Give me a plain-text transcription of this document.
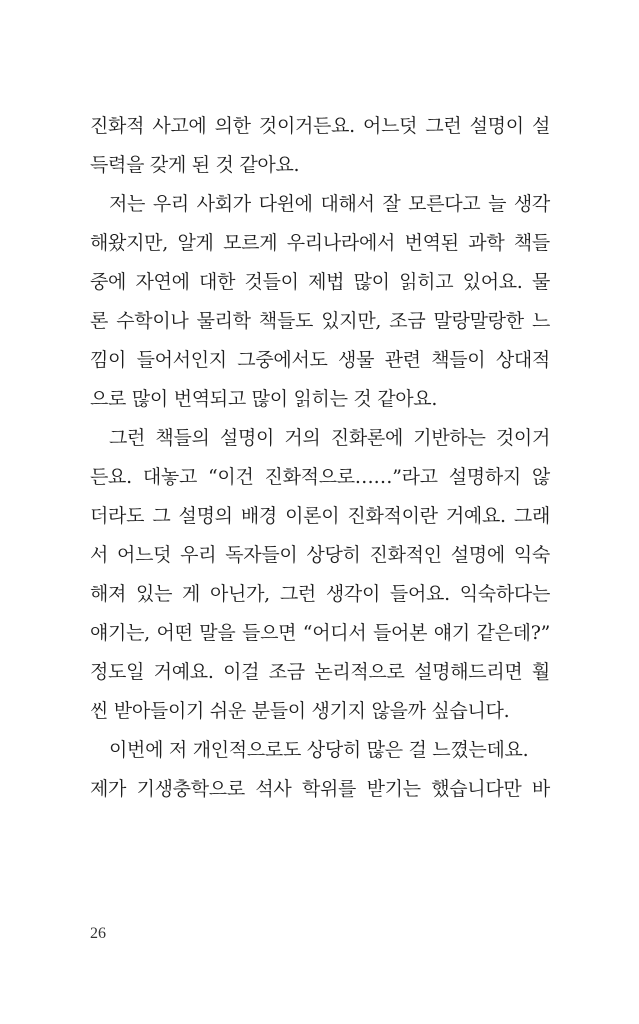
진화적 사고에 의한 것이거든요. 어느덧 그런 설명이 설
득력을 갖게 된 것 같아요.
저는 우리 사회가 다윈에 대해서 잘 모른다고 늘 생각
해왔지만, 알게 모르게 우리나라에서 번역된 과학 책들
중에 자연에 대한 것들이 제법 많이 읽히고 있어요. 물
론 수학이나 물리학 책들도 있지만, 조금 말랑말랑한 느
낌이 들어서인지 그중에서도 생물 관련 책들이 상대적
으로 많이 번역되고 많이 읽히는 것 같아요.
그런 책들의 설명이 거의 진화론에 기반하는 것이거
든요. 대놓고 “이건 진화적으로……”라고 설명하지 않
더라도 그 설명의 배경 이론이 진화적이란 거예요. 그래
서 어느덧 우리 독자들이 상당히 진화적인 설명에 익숙
해져 있는 게 아닌가, 그런 생각이 들어요. 익숙하다는
얘기는, 어떤 말을 들으면 “어디서 들어본 얘기 같은데?”
정도일 거예요. 이걸 조금 논리적으로 설명해드리면 훨
씬 받아들이기 쉬운 분들이 생기지 않을까 싶습니다.
이번에 저 개인적으로도 상당히 많은 걸 느꼈는데요.
제가 기생충학으로 석사 학위를 받기는 했습니다만 바
26
